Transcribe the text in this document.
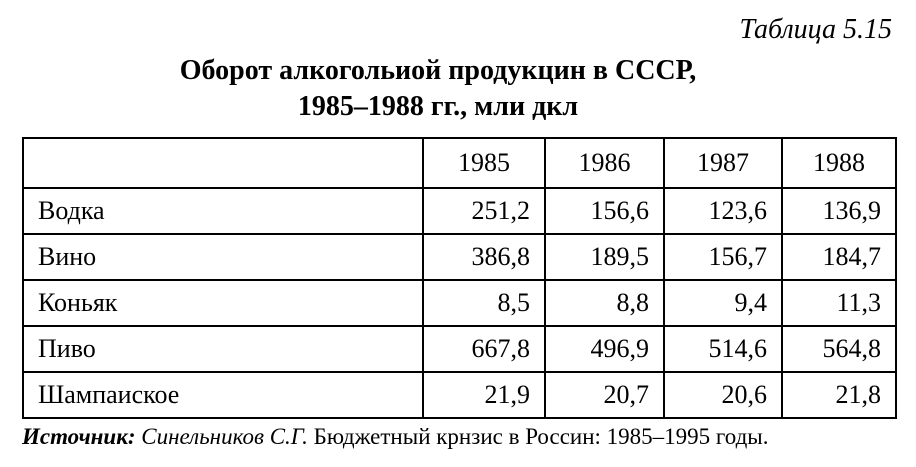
Таблица 5.15
Оборот алкогольиой продукцин в СССР,
1985–1988 гг., мли дкл
	1985	1986	1987	1988
Водка	251,2	156,6	123,6	136,9
Вино	386,8	189,5	156,7	184,7
Коньяк	8,5	8,8	9,4	11,3
Пиво	667,8	496,9	514,6	564,8
Шампаиское	21,9	20,7	20,6	21,8
Источник: Синельников С.Г. Бюджетный крнзис в Россин: 1985–1995 годы.
